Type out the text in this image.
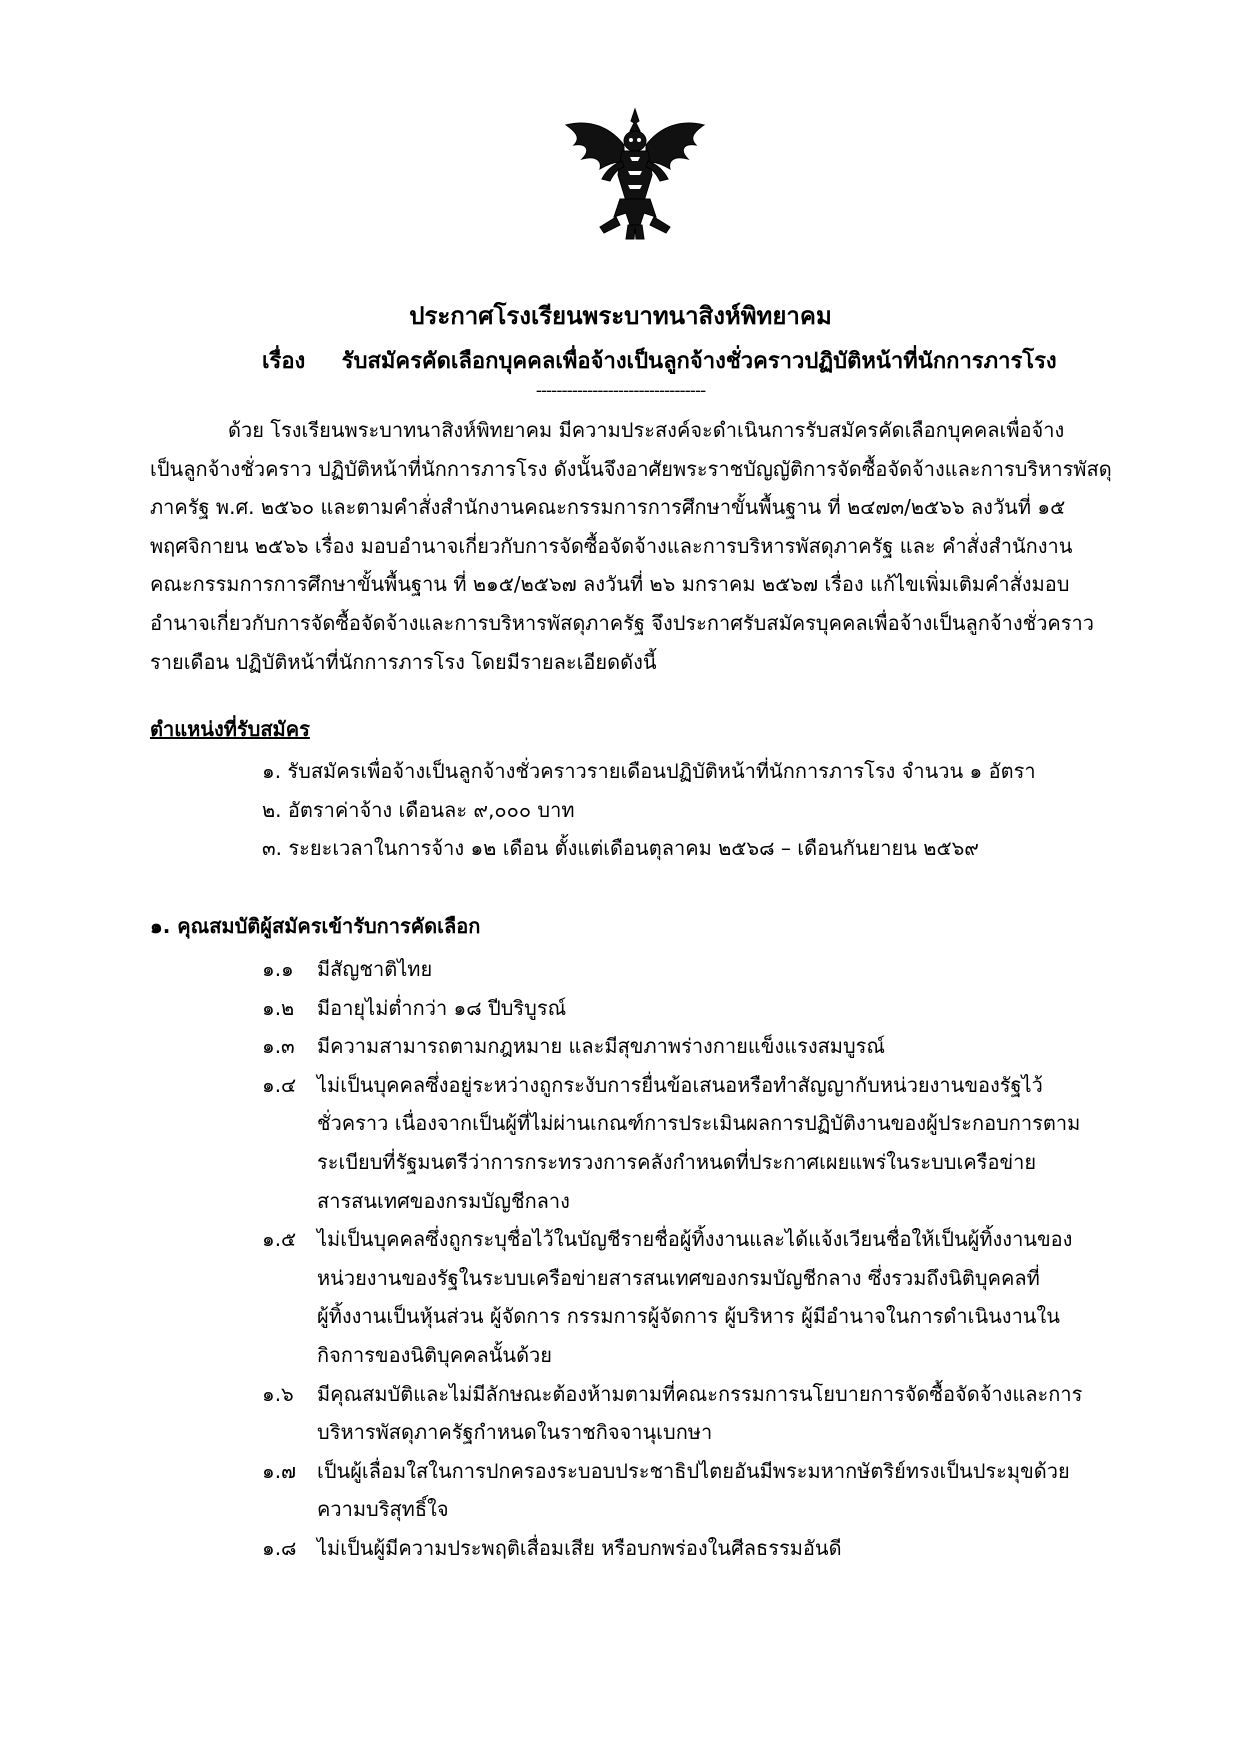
ประกาศโรงเรียนพระบาทนาสิงห์พิทยาคม
เรื่อง รับสมัครคัดเลือกบุคคลเพื่อจ้างเป็นลูกจ้างชั่วคราวปฏิบัติหน้าที่นักการภารโรง
---------------------------------

ด้วย โรงเรียนพระบาทนาสิงห์พิทยาคม มีความประสงค์จะดำเนินการรับสมัครคัดเลือกบุคคลเพื่อจ้าง
เป็นลูกจ้างชั่วคราว ปฏิบัติหน้าที่นักการภารโรง ดังนั้นจึงอาศัยพระราชบัญญัติการจัดซื้อจัดจ้างและการบริหารพัสดุ
ภาครัฐ พ.ศ. ๒๕๖๐ และตามคำสั่งสำนักงานคณะกรรมการการศึกษาขั้นพื้นฐาน ที่ ๒๔๗๓/๒๕๖๖ ลงวันที่ ๑๕
พฤศจิกายน ๒๕๖๖ เรื่อง มอบอำนาจเกี่ยวกับการจัดซื้อจัดจ้างและการบริหารพัสดุภาครัฐ และ คำสั่งสำนักงาน
คณะกรรมการการศึกษาขั้นพื้นฐาน ที่ ๒๑๕/๒๕๖๗ ลงวันที่ ๒๖ มกราคม ๒๕๖๗ เรื่อง แก้ไขเพิ่มเติมคำสั่งมอบ
อำนาจเกี่ยวกับการจัดซื้อจัดจ้างและการบริหารพัสดุภาครัฐ จึงประกาศรับสมัครบุคคลเพื่อจ้างเป็นลูกจ้างชั่วคราว
รายเดือน ปฏิบัติหน้าที่นักการภารโรง โดยมีรายละเอียดดังนี้

ตำแหน่งที่รับสมัคร
๑. รับสมัครเพื่อจ้างเป็นลูกจ้างชั่วคราวรายเดือนปฏิบัติหน้าที่นักการภารโรง จำนวน ๑ อัตรา
๒. อัตราค่าจ้าง เดือนละ ๙,๐๐๐ บาท
๓. ระยะเวลาในการจ้าง ๑๒ เดือน ตั้งแต่เดือนตุลาคม ๒๕๖๘ – เดือนกันยายน ๒๕๖๙
๑. คุณสมบัติผู้สมัครเข้ารับการคัดเลือก
๑.๑	มีสัญชาติไทย
๑.๒	มีอายุไม่ต่ำกว่า ๑๘ ปีบริบูรณ์
๑.๓	มีความสามารถตามกฎหมาย และมีสุขภาพร่างกายแข็งแรงสมบูรณ์
๑.๔	ไม่เป็นบุคคลซึ่งอยู่ระหว่างถูกระงับการยื่นข้อเสนอหรือทำสัญญากับหน่วยงานของรัฐไว้
ชั่วคราว เนื่องจากเป็นผู้ที่ไม่ผ่านเกณฑ์การประเมินผลการปฏิบัติงานของผู้ประกอบการตาม
ระเบียบที่รัฐมนตรีว่าการกระทรวงการคลังกำหนดที่ประกาศเผยแพร่ในระบบเครือข่าย
สารสนเทศของกรมบัญชีกลาง
๑.๕	ไม่เป็นบุคคลซึ่งถูกระบุชื่อไว้ในบัญชีรายชื่อผู้ทิ้งงานและได้แจ้งเวียนชื่อให้เป็นผู้ทิ้งงานของ
หน่วยงานของรัฐในระบบเครือข่ายสารสนเทศของกรมบัญชีกลาง ซึ่งรวมถึงนิติบุคคลที่
ผู้ทิ้งงานเป็นหุ้นส่วน ผู้จัดการ กรรมการผู้จัดการ ผู้บริหาร ผู้มีอำนาจในการดำเนินงานใน
กิจการของนิติบุคคลนั้นด้วย
๑.๖	มีคุณสมบัติและไม่มีลักษณะต้องห้ามตามที่คณะกรรมการนโยบายการจัดซื้อจัดจ้างและการ
บริหารพัสดุภาครัฐกำหนดในราชกิจจานุเบกษา
๑.๗	เป็นผู้เลื่อมใสในการปกครองระบอบประชาธิปไตยอันมีพระมหากษัตริย์ทรงเป็นประมุขด้วย
ความบริสุทธิ์ใจ
๑.๘	ไม่เป็นผู้มีความประพฤติเสื่อมเสีย หรือบกพร่องในศีลธรรมอันดี
